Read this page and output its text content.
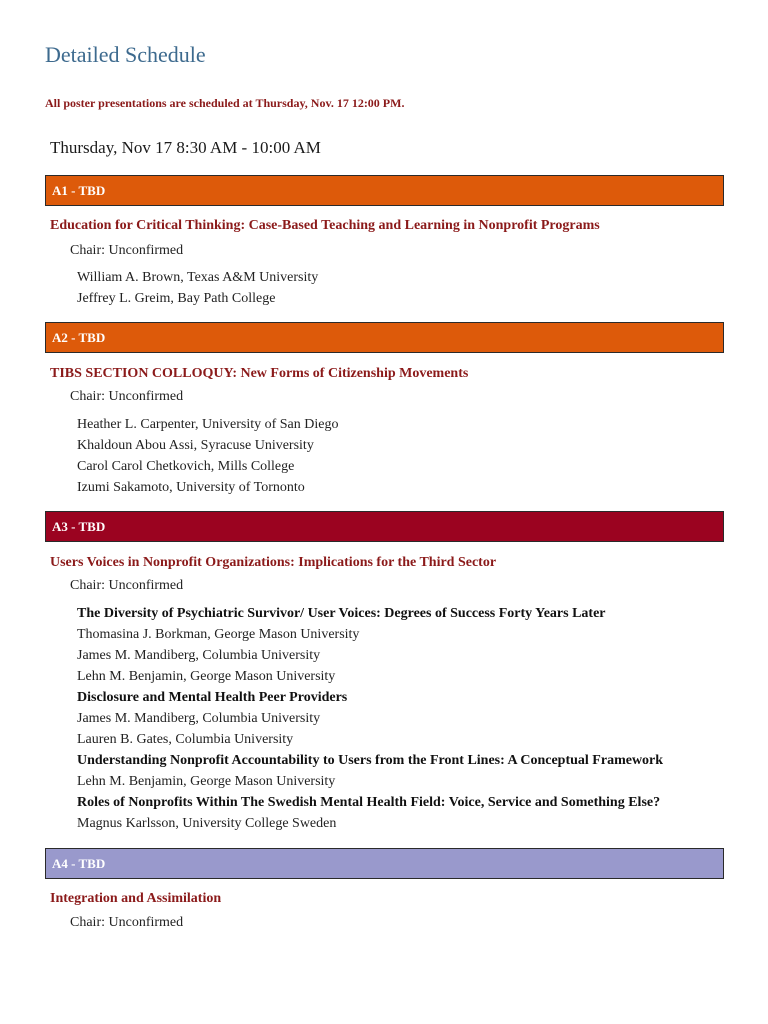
Detailed Schedule
All poster presentations are scheduled at Thursday, Nov. 17 12:00 PM.
Thursday, Nov 17 8:30 AM - 10:00 AM
A1 - TBD
Education for Critical Thinking: Case-Based Teaching and Learning in Nonprofit Programs
Chair: Unconfirmed
William A. Brown, Texas A&M University
Jeffrey L. Greim, Bay Path College
A2 - TBD
TIBS SECTION COLLOQUY: New Forms of Citizenship Movements
Chair: Unconfirmed
Heather L. Carpenter, University of San Diego
Khaldoun Abou Assi, Syracuse University
Carol Carol Chetkovich, Mills College
Izumi Sakamoto, University of Tornonto
A3 - TBD
Users Voices in Nonprofit Organizations: Implications for the Third Sector
Chair: Unconfirmed
The Diversity of Psychiatric Survivor/ User Voices: Degrees of Success Forty Years Later
Thomasina J. Borkman, George Mason University
James M. Mandiberg, Columbia University
Lehn M. Benjamin, George Mason University
Disclosure and Mental Health Peer Providers
James M. Mandiberg, Columbia University
Lauren B. Gates, Columbia University
Understanding Nonprofit Accountability to Users from the Front Lines: A Conceptual Framework
Lehn M. Benjamin, George Mason University
Roles of Nonprofits Within The Swedish Mental Health Field: Voice, Service and Something Else?
Magnus Karlsson, University College Sweden
A4 - TBD
Integration and Assimilation
Chair: Unconfirmed
